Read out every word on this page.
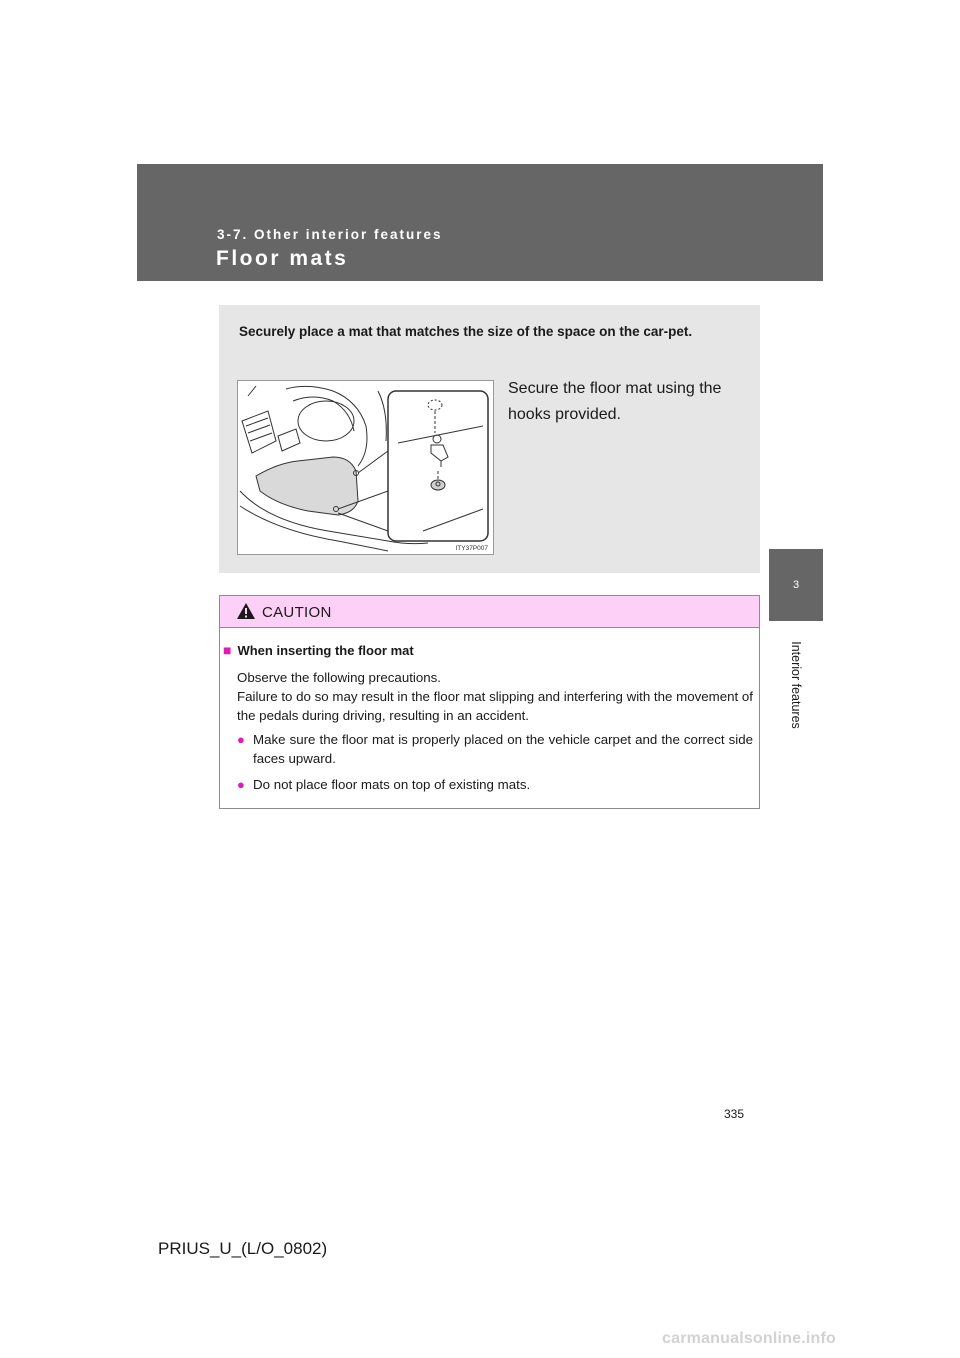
3-7. Other interior features
Floor mats
3
Interior features
Securely place a mat that matches the size of the space on the car-pet.
ITY37P007
Secure the floor mat using the hooks provided.
CAUTION
■ When inserting the floor mat
Observe the following precautions.
Failure to do so may result in the floor mat slipping and interfering with the movement of the pedals during driving, resulting in an accident.
● Make sure the floor mat is properly placed on the vehicle carpet and the correct side faces upward.
● Do not place floor mats on top of existing mats.
335
PRIUS_U_(L/O_0802)
carmanualsonline.info
